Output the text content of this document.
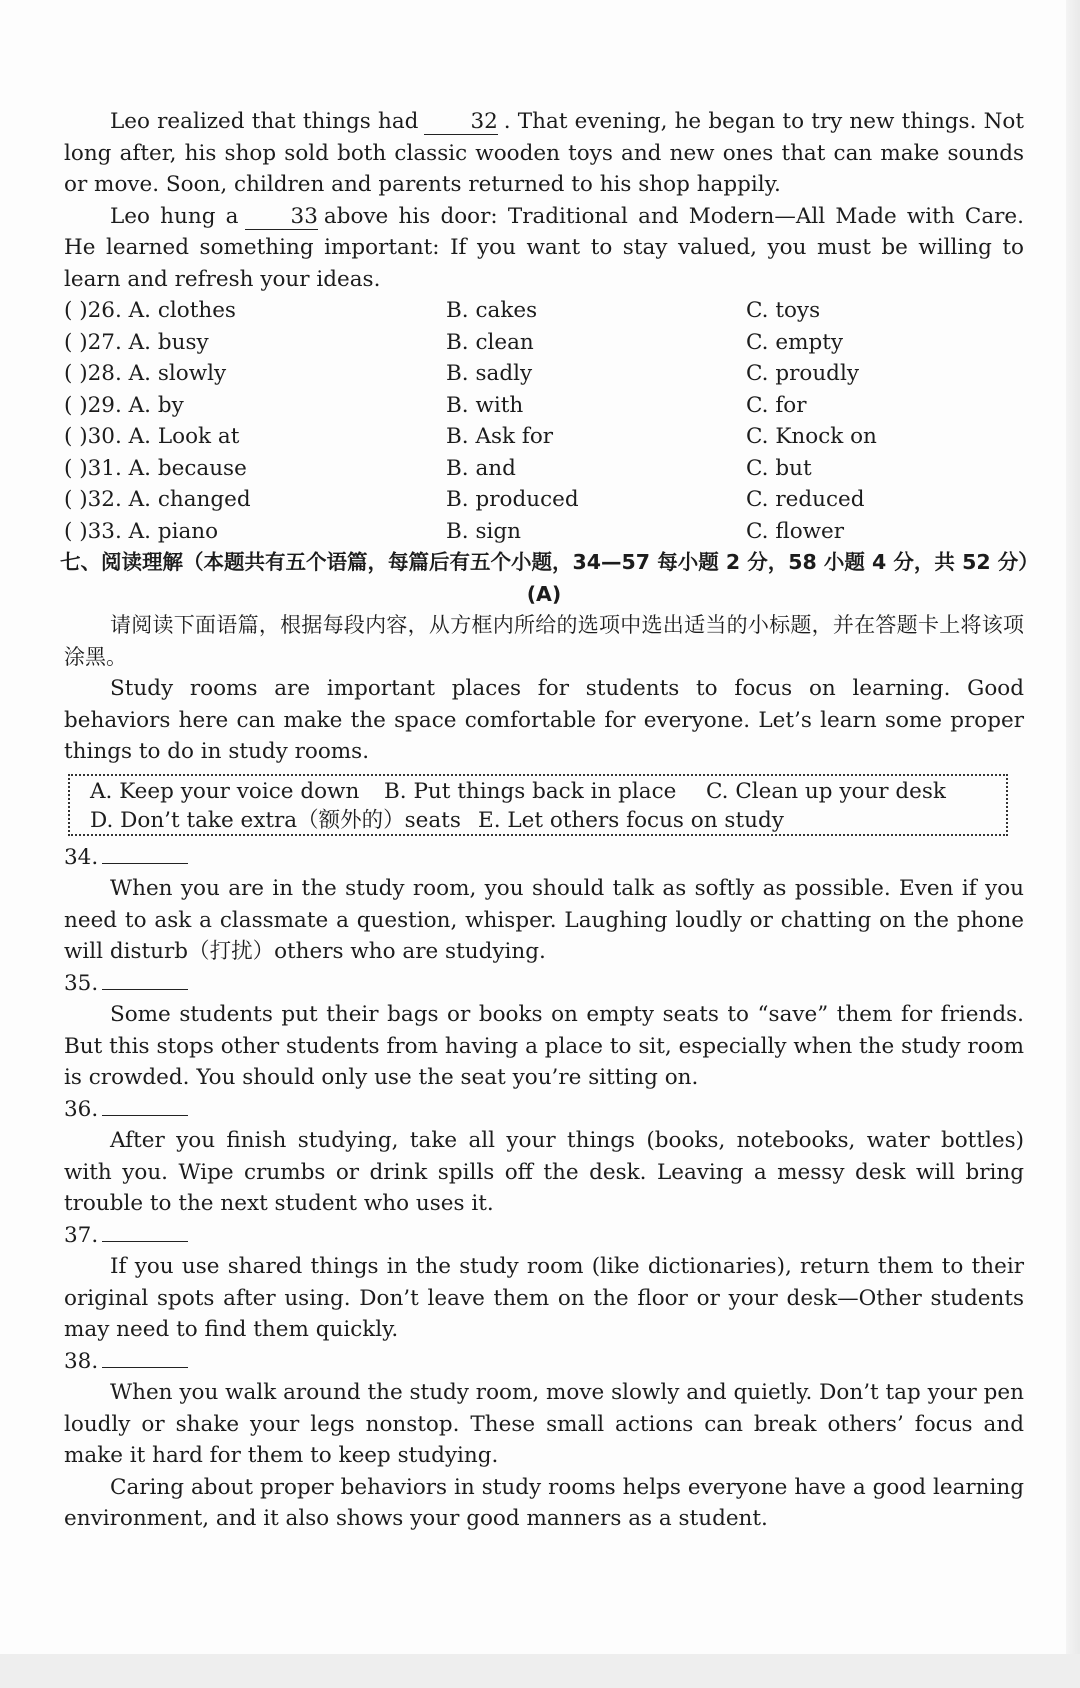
Leo realized that things had 32 . That evening, he began to try new things. Not long after, his shop sold both classic wooden toys and new ones that can make sounds or move. Soon, children and parents returned to his shop happily.

Leo hung a 33 above his door: Traditional and Modern—All Made with Care. He learned something important: If you want to stay valued, you must be willing to learn and refresh your ideas.

( )26. A. clothes	B. cakes	C. toys
( )27. A. busy	B. clean	C. empty
( )28. A. slowly	B. sadly	C. proudly
( )29. A. by	B. with	C. for
( )30. A. Look at	B. Ask for	C. Knock on
( )31. A. because	B. and	C. but
( )32. A. changed	B. produced	C. reduced
( )33. A. piano	B. sign	C. flower
七、阅读理解（本题共有五个语篇，每篇后有五个小题，34—57 每小题 2 分，58 小题 4 分，共 52 分）
(A)

请阅读下面语篇，根据每段内容，从方框内所给的选项中选出适当的小标题，并在答题卡上将该项涂黑。

Study rooms are important places for students to focus on learning. Good behaviors here can make the space comfortable for everyone. Let’s learn some proper things to do in study rooms.

A. Keep your voice down B. Put things back in place C. Clean up your desk
D. Don’t take extra（额外的）seats E. Let others focus on study
34.

When you are in the study room, you should talk as softly as possible. Even if you need to ask a classmate a question, whisper. Laughing loudly or chatting on the phone will disturb（打扰）others who are studying.

35.

Some students put their bags or books on empty seats to “save” them for friends. But this stops other students from having a place to sit, especially when the study room is crowded. You should only use the seat you’re sitting on.

36.

After you finish studying, take all your things (books, notebooks, water bottles) with you. Wipe crumbs or drink spills off the desk. Leaving a messy desk will bring trouble to the next student who uses it.

37.

If you use shared things in the study room (like dictionaries), return them to their original spots after using. Don’t leave them on the floor or your desk—Other students may need to find them quickly.

38.

When you walk around the study room, move slowly and quietly. Don’t tap your pen loudly or shake your legs nonstop. These small actions can break others’ focus and make it hard for them to keep studying.

Caring about proper behaviors in study rooms helps everyone have a good learning environment, and it also shows your good manners as a student.
